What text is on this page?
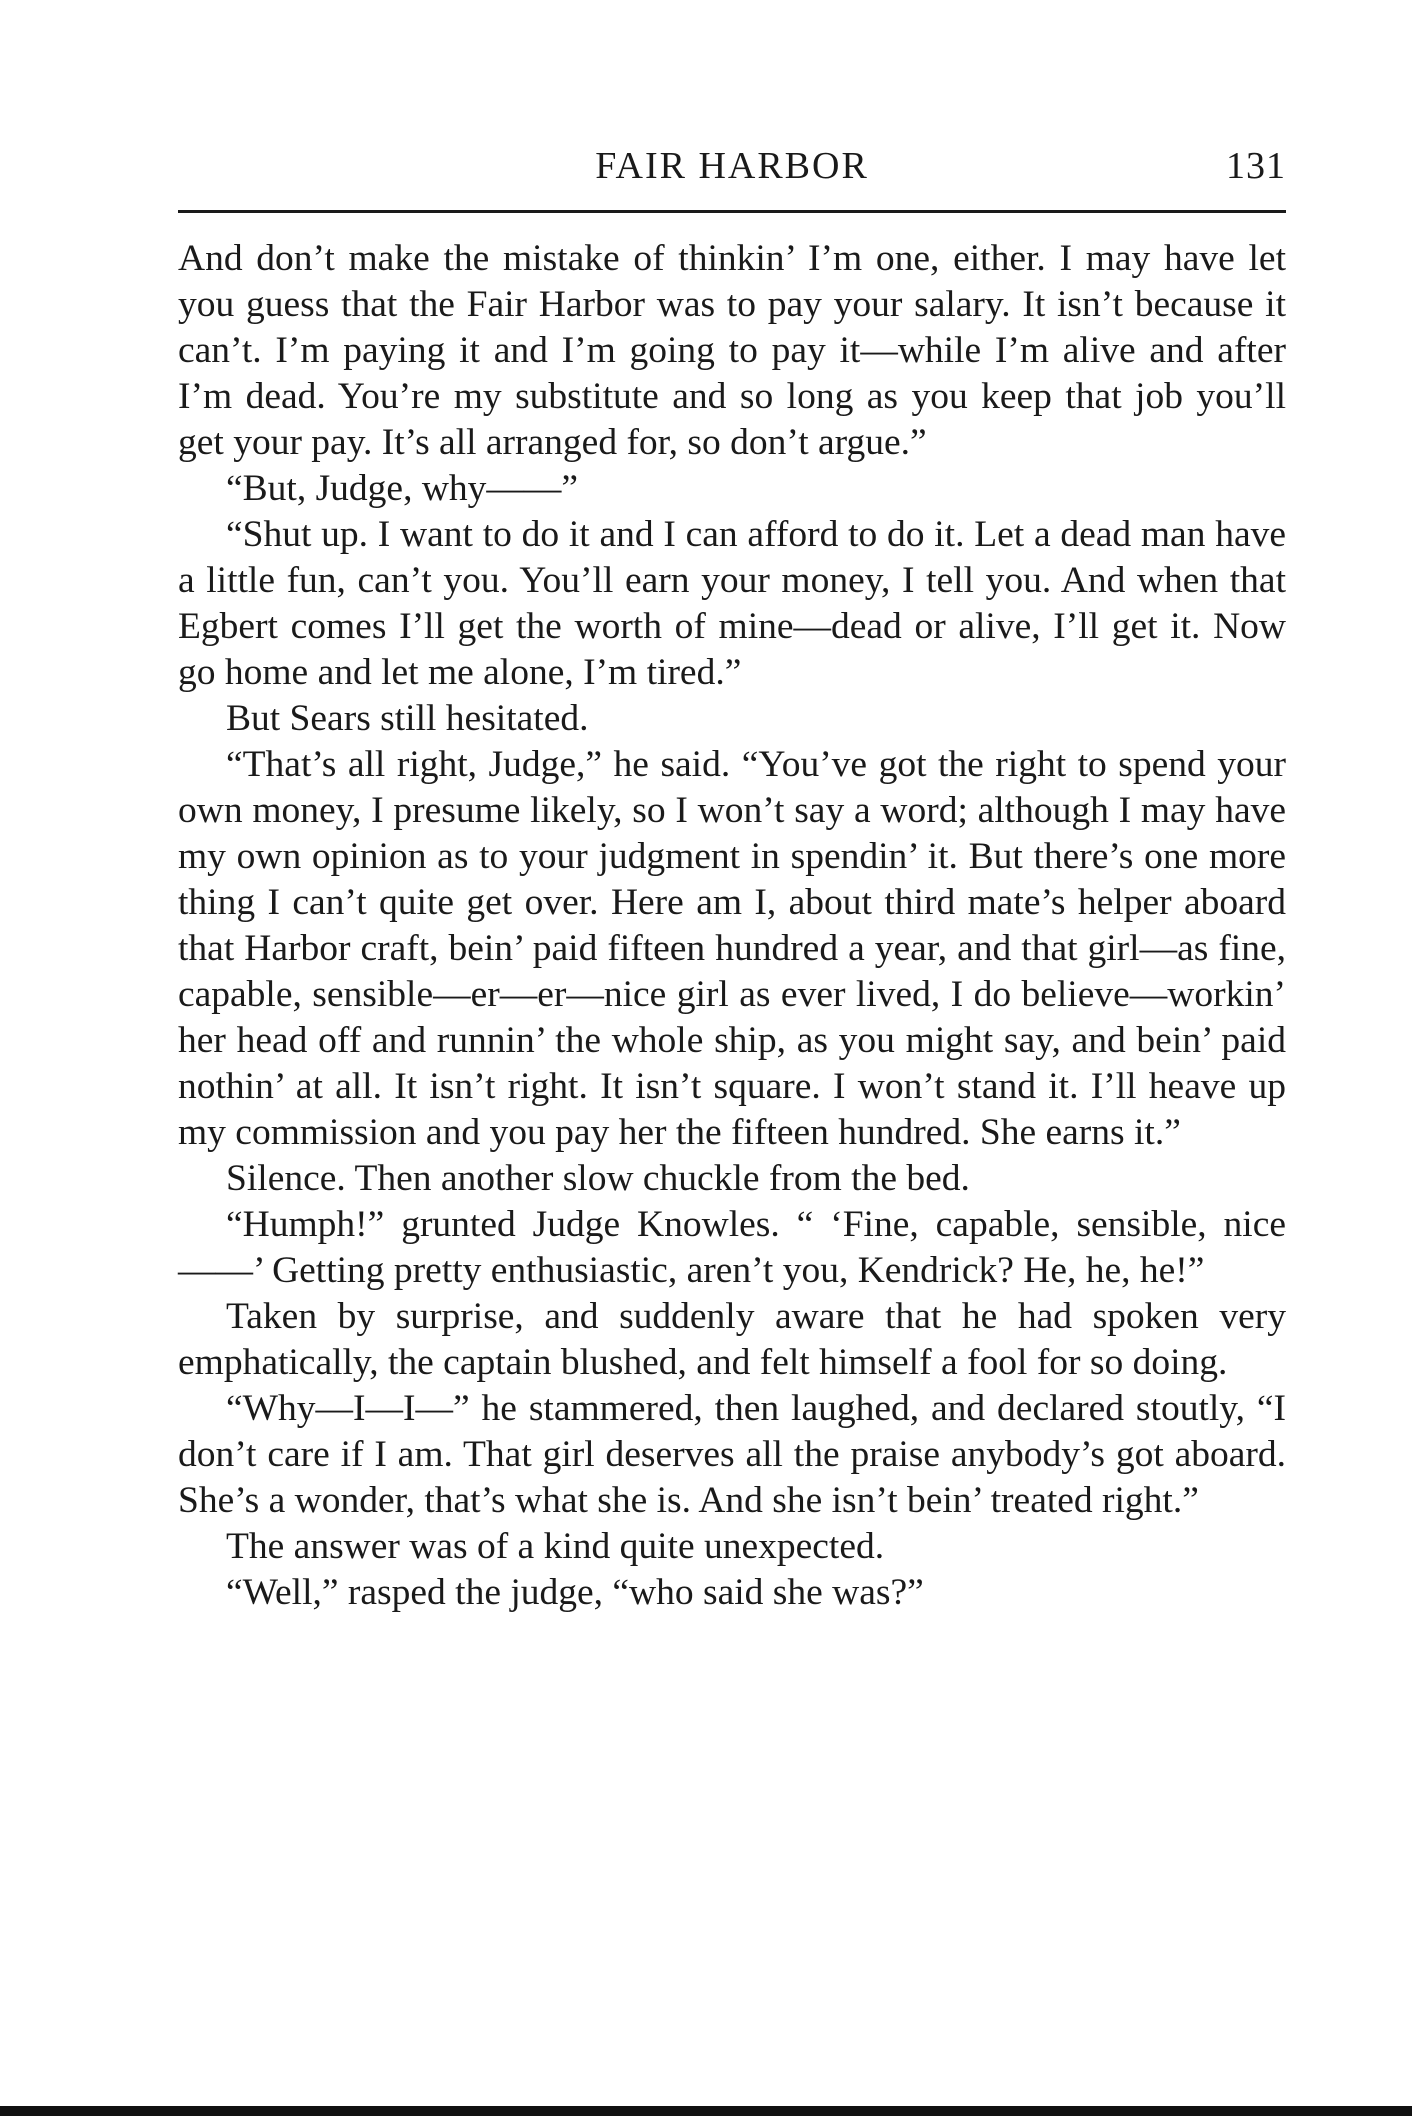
FAIR HARBOR	131

And don’t make the mistake of thinkin’ I’m one, either. I may have let you guess that the Fair Harbor was to pay your salary. It isn’t because it can’t. I’m paying it and I’m going to pay it—while I’m alive and after I’m dead. You’re my substitute and so long as you keep that job you’ll get your pay. It’s all arranged for, so don’t argue.”

“But, Judge, why——”

“Shut up. I want to do it and I can afford to do it. Let a dead man have a little fun, can’t you. You’ll earn your money, I tell you. And when that Egbert comes I’ll get the worth of mine—dead or alive, I’ll get it. Now go home and let me alone, I’m tired.”

But Sears still hesitated.

“That’s all right, Judge,” he said. “You’ve got the right to spend your own money, I presume likely, so I won’t say a word; although I may have my own opinion as to your judgment in spendin’ it. But there’s one more thing I can’t quite get over. Here am I, about third mate’s helper aboard that Harbor craft, bein’ paid fifteen hundred a year, and that girl—as fine, capable, sensible—er—er—nice girl as ever lived, I do believe—workin’ her head off and runnin’ the whole ship, as you might say, and bein’ paid nothin’ at all. It isn’t right. It isn’t square. I won’t stand it. I’ll heave up my commission and you pay her the fifteen hundred. She earns it.”

Silence. Then another slow chuckle from the bed.

“Humph!” grunted Judge Knowles. “ ‘Fine, capable, sensible, nice——’ Getting pretty enthusiastic, aren’t you, Kendrick? He, he, he!”

Taken by surprise, and suddenly aware that he had spoken very emphatically, the captain blushed, and felt himself a fool for so doing.

“Why—I—I—” he stammered, then laughed, and declared stoutly, “I don’t care if I am. That girl deserves all the praise anybody’s got aboard. She’s a wonder, that’s what she is. And she isn’t bein’ treated right.”

The answer was of a kind quite unexpected.

“Well,” rasped the judge, “who said she was?”
